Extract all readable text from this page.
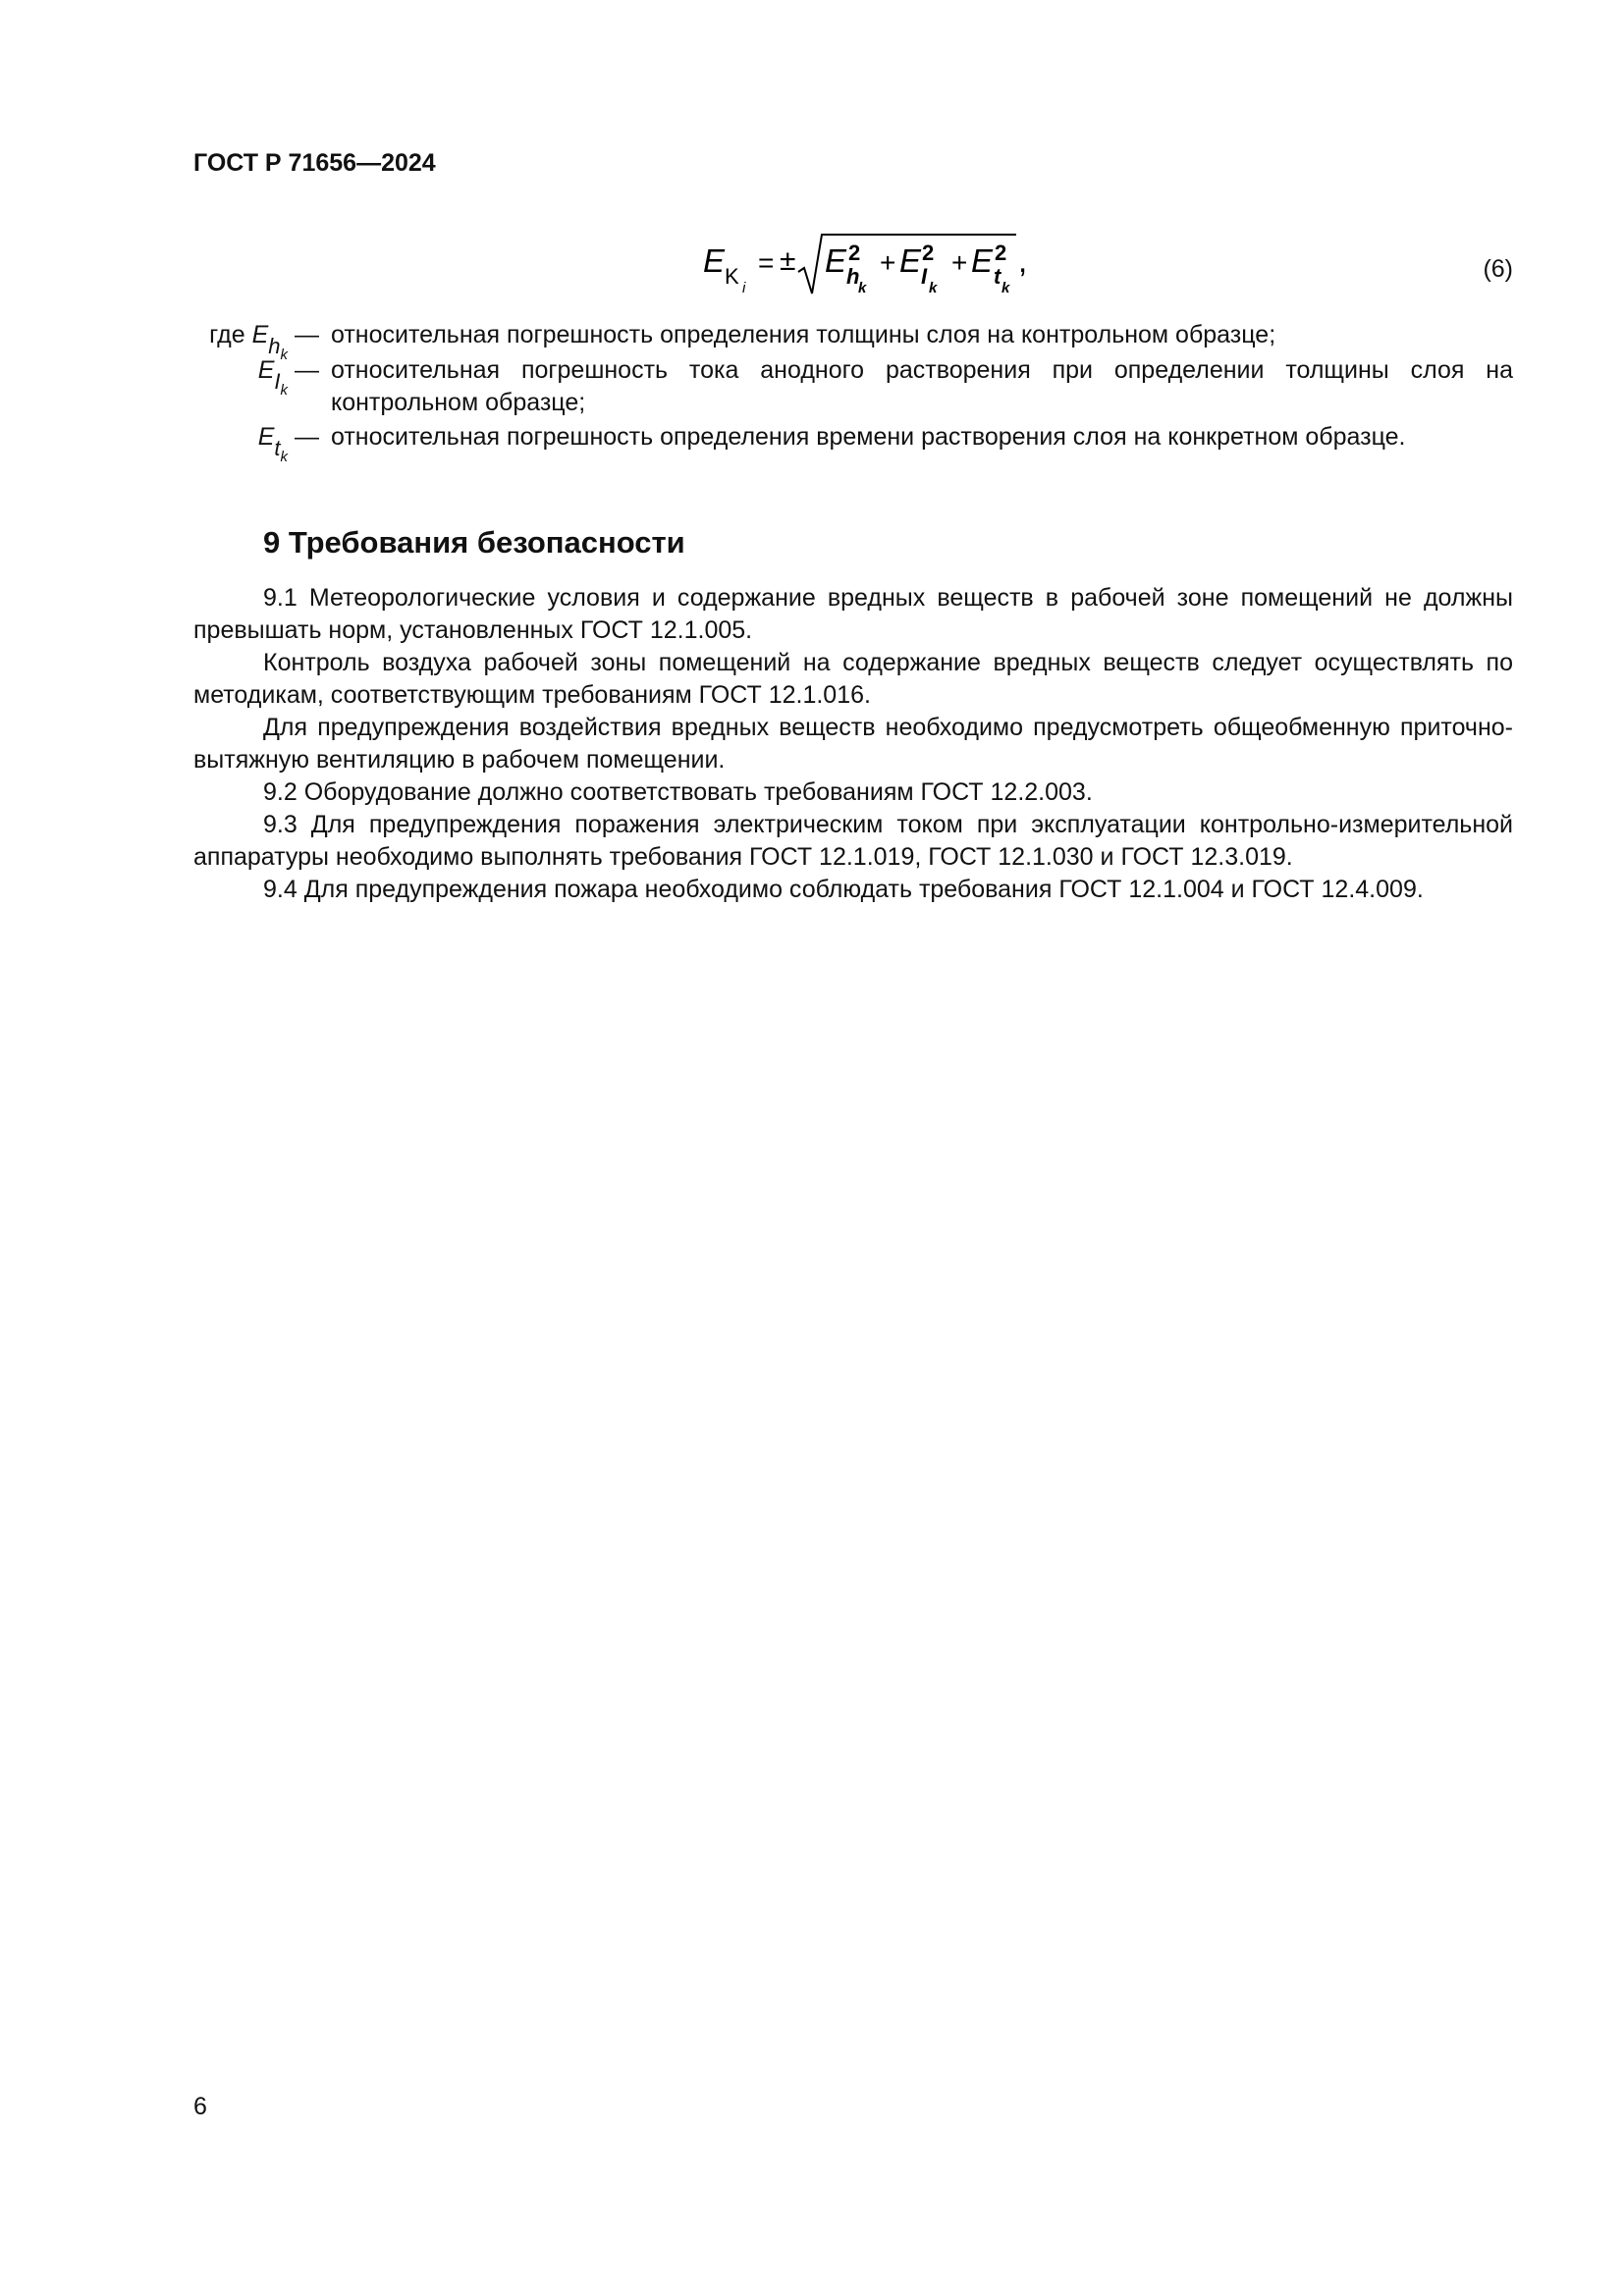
ГОСТ Р 71656—2024
E K i
= ± E 2
h
k
+ E 2
I k
+ E 2
t k
,	(6)
где $Eh_k$
— относительная погрешность определения толщины слоя на контрольном образце;
$EI_k$
— относительная погрешность тока анодного растворения при определении толщины слоя на контрольном образце;
$Et_k$
— относительная погрешность определения времени растворения слоя на конкретном образце.
9 Требования безопасности

9.1 Метеорологические условия и содержание вредных веществ в рабочей зоне помещений не должны превышать норм, установленных ГОСТ 12.1.005.

Контроль воздуха рабочей зоны помещений на содержание вредных веществ следует осуществлять по методикам, соответствующим требованиям ГОСТ 12.1.016.

Для предупреждения воздействия вредных веществ необходимо предусмотреть общеобменную приточно-вытяжную вентиляцию в рабочем помещении.

9.2 Оборудование должно соответствовать требованиям ГОСТ 12.2.003.

9.3 Для предупреждения поражения электрическим током при эксплуатации контрольно-измерительной аппаратуры необходимо выполнять требования ГОСТ 12.1.019, ГОСТ 12.1.030 и ГОСТ 12.3.019.

9.4 Для предупреждения пожара необходимо соблюдать требования ГОСТ 12.1.004 и ГОСТ 12.4.009.

6
